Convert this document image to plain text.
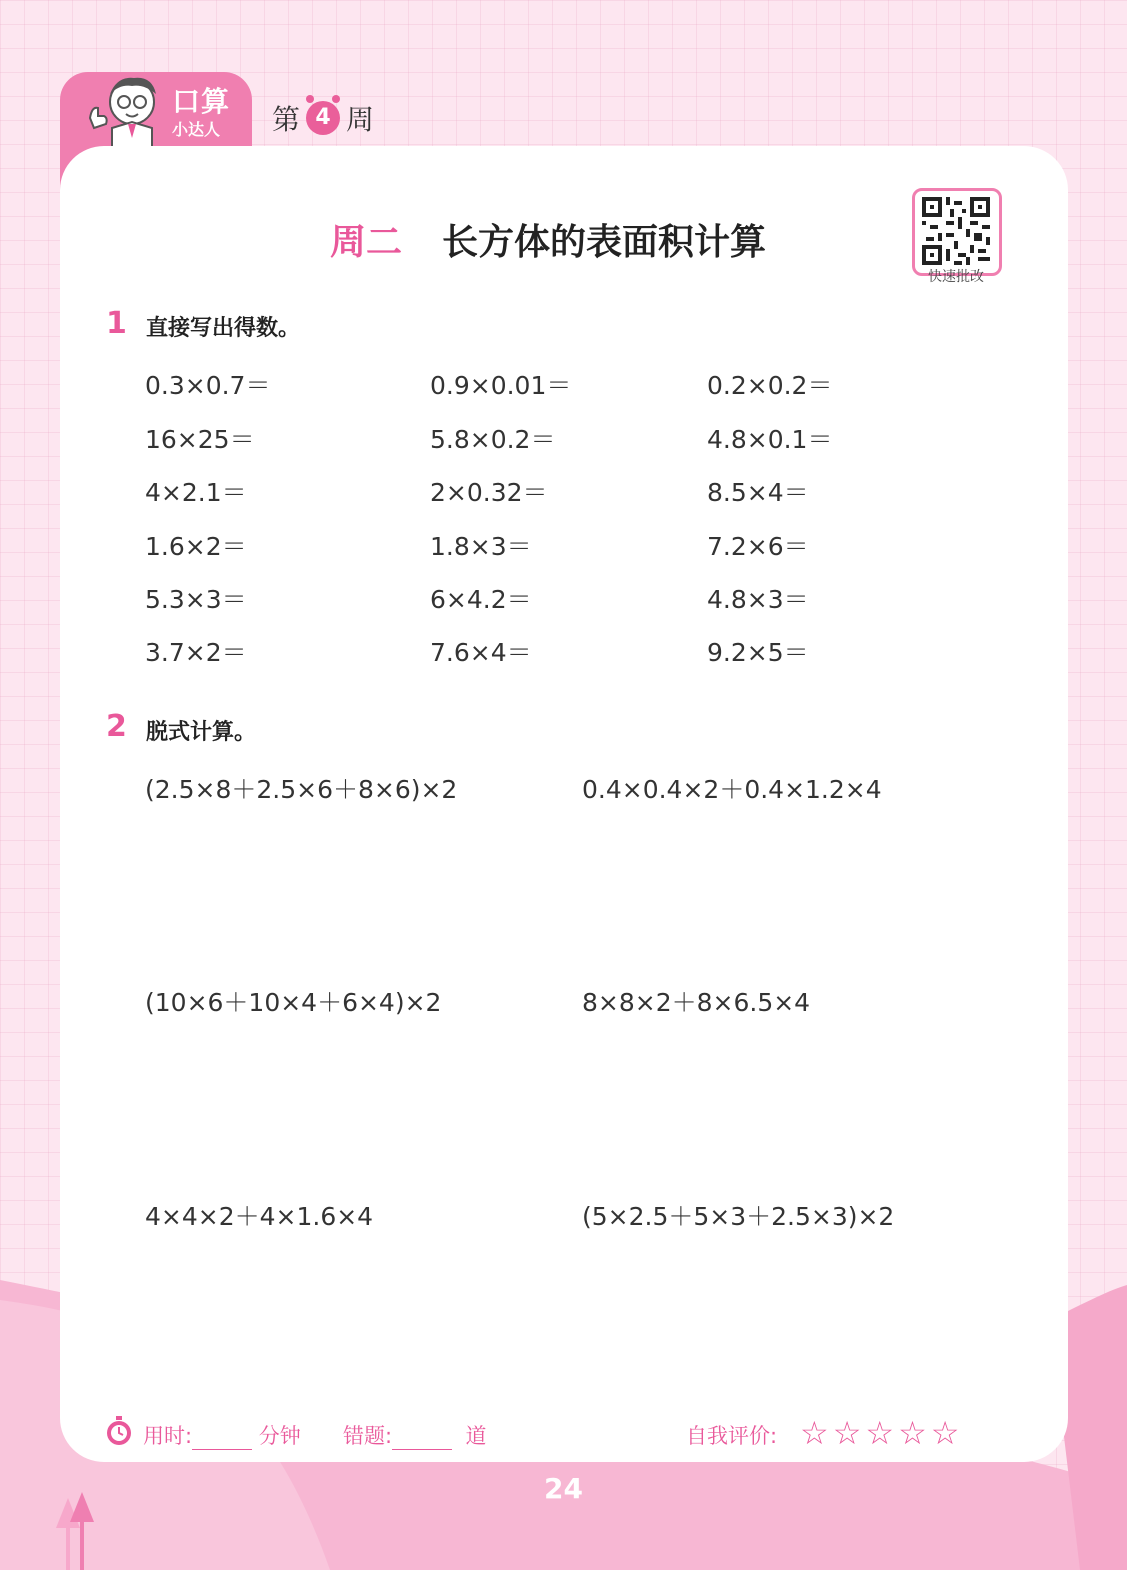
口算
小达人 第 4 周
周二 长方体的表面积计算
快速批改
1 直接写出得数。
0.3×0.7＝	0.9×0.01＝	0.2×0.2＝
16×25＝	5.8×0.2＝	4.8×0.1＝
4×2.1＝	2×0.32＝	8.5×4＝
1.6×2＝	1.8×3＝	7.2×6＝
5.3×3＝	6×4.2＝	4.8×3＝
3.7×2＝	7.6×4＝	9.2×5＝
2 脱式计算。
(2.5×8＋2.5×6＋8×6)×2	0.4×0.4×2＋0.4×1.2×4
(10×6＋10×4＋6×4)×2	8×8×2＋8×6.5×4
4×4×2＋4×1.6×4	(5×2.5＋5×3＋2.5×3)×2
用时:	分钟 错题:	道	自我评价: ☆☆☆☆☆
24
